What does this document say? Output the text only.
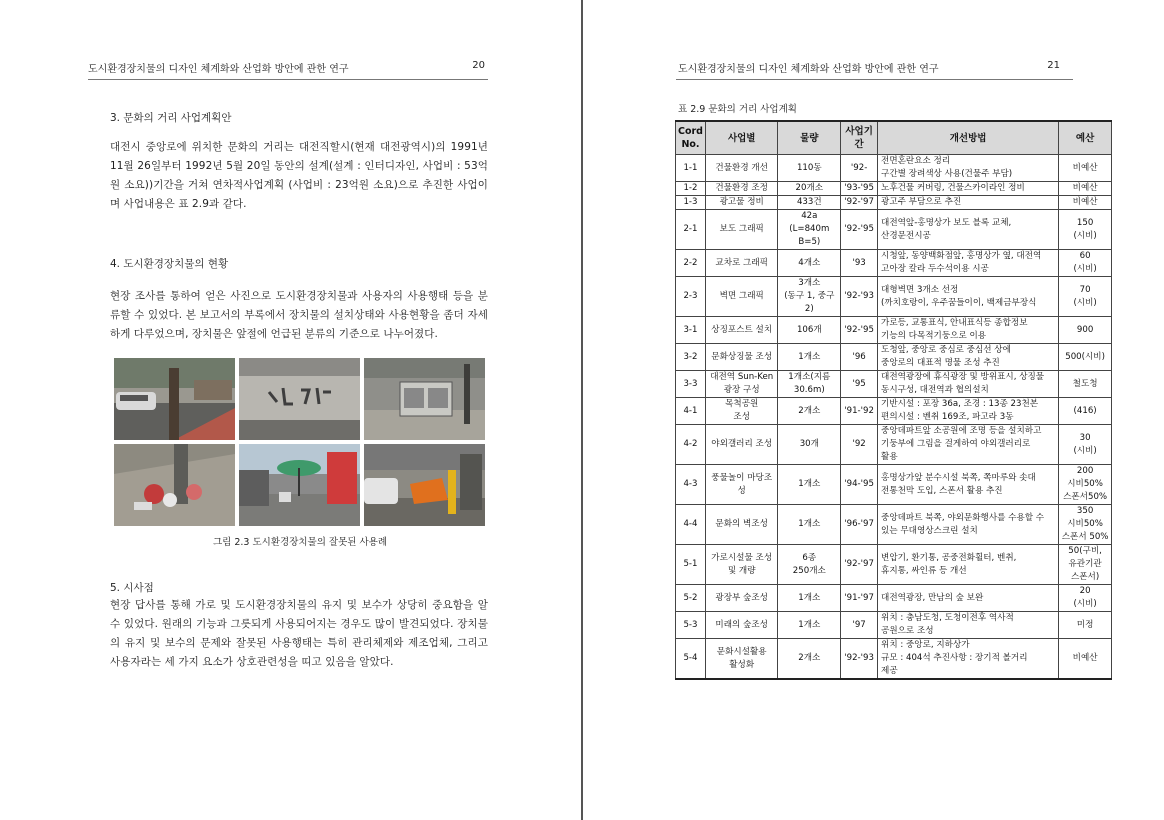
도시환경장치물의 디자인 체계화와 산업화 방안에 관한 연구	20
3. 문화의 거리 사업계획안

대전시 중앙로에 위치한 문화의 거리는 대전직할시(현재 대전광역시)의 1991년 11월 26일부터 1992년 5월 20일 동안의 설계(설계 : 인터디자인, 사업비 : 53억원 소요))기간을 거쳐 연차적사업계획 (사업비 : 23억원 소요)으로 추진한 사업이며 사업내용은 표 2.9과 같다.

4. 도시환경장치물의 현황

현장 조사를 통하여 얻은 사진으로 도시환경장치물과 사용자의 사용행태 등을 분류할 수 있었다. 본 보고서의 부록에서 장치물의 설치상태와 사용현황을 좀더 자세하게 다루었으며, 장치물은 앞절에 언급된 분류의 기준으로 나누어졌다.

그림 2.3 도시환경장치물의 잘못된 사용례
5. 시사점

현장 답사를 통해 가로 및 도시환경장치물의 유지 및 보수가 상당히 중요함을 알 수 있었다. 원래의 기능과 그릇되게 사용되어지는 경우도 많이 발견되었다. 장치물의 유지 및 보수의 문제와 잘못된 사용행태는 특히 관리체제와 제조업체, 그리고 사용자라는 세 가지 요소가 상호관련성을 띠고 있음을 알았다.

도시환경장치물의 디자인 체계화와 산업화 방안에 관한 연구	21
표 2.9 문화의 거리 사업계획
Cord
No.	사업별	물량	사업기
간	개선방법	예산
1-1	건물환경 개선	110동	'92-	전면혼란요소 정리
구간별 장려색상 사용(건물주 부담)	비예산
1-2	건물환경 조정	20개소	'93-'95	노후건물 커버링, 건물스카이라인 정비	비예산
1-3	광고물 정비	433건	'92-'97	광고주 부담으로 추진	비예산
2-1	보도 그래픽	42a
(L=840m B=5)	'92-'95	대전역앞-홍명상가 보도 블록 교체,
산경문전시공	150
(시비)
2-2	교차로 그래픽	4개소	'93	시청앞, 동양백화점앞, 홍명상가 옆, 대전역
고아장 칼라 두수석이용 시공	60
(시비)
2-3	벽면 그래픽	3개소
(동구 1, 중구
2)	'92-'93	대형벽면 3개소 선정
(까치호랑이, 우주꿈들이이, 백제금부장식	70
(시비)
3-1	상징포스트 설치	106개	'92-'95	가로등, 교통표식, 안내표식등 종합정보
기능의 다목적기둥으로 이용	900
3-2	문화상징물 조성	1개소	'96	도청앞, 중앙로 중심로 중심선 상에
중앙로의 대표적 명물 조성 추진	500(시비)
3-3	대전역 Sun-Ken
광장 구성	1개소(지름
30.6m)	'95	대전역광장에 휴식광장 및 방위표시, 상징물
동시구성, 대전역과 협의설치	철도청
4-1	목척공원
조성	2개소	'91-'92	기반시설 : 포장 36a, 조경 : 13종 23천본
편의시설 : 벤취 169조, 파고라 3동	(416)
4-2	야외갤러리 조성	30개	'92	중앙데파트앞 소공원에 조명 등을 설치하고
기둥부에 그림을 걸게하여 야외갤러리로
활용	30
(시비)
4-3	풍물놀이 마당조성	1개소	'94-'95	홍명상가앞 분수시설 북쪽, 쪽마루와 솟대
전통천막 도입, 스폰서 활용 추진	200
시비50%
스폰서50%
4-4	문화의 벽조성	1개소	'96-'97	중앙데파트 북쪽, 야외문화행사를 수용할 수
있는 무대영상스크린 설치	350
시비50%
스폰서 50%
5-1	가로시설물 조성
및 개량	6종
250개소	'92-'97	변압기, 환기통, 공중전화휠터, 벤취,
휴지통, 싸인류 등 개선	50(구비,
유관기관
스폰서)
5-2	광장부 숲조성	1개소	'91-'97	대전역광장, 만남의 숲 보완	20
(시비)
5-3	미래의 숲조성	1개소	'97	위치 : 충남도청, 도청이전후 역사적
공원으로 조성	미정
5-4	문화시설활용
활성화	2개소	'92-'93	위치 : 중앙로, 지하상가
규모 : 404석 추진사항 : 장기적 볼거리
제공	비예산
